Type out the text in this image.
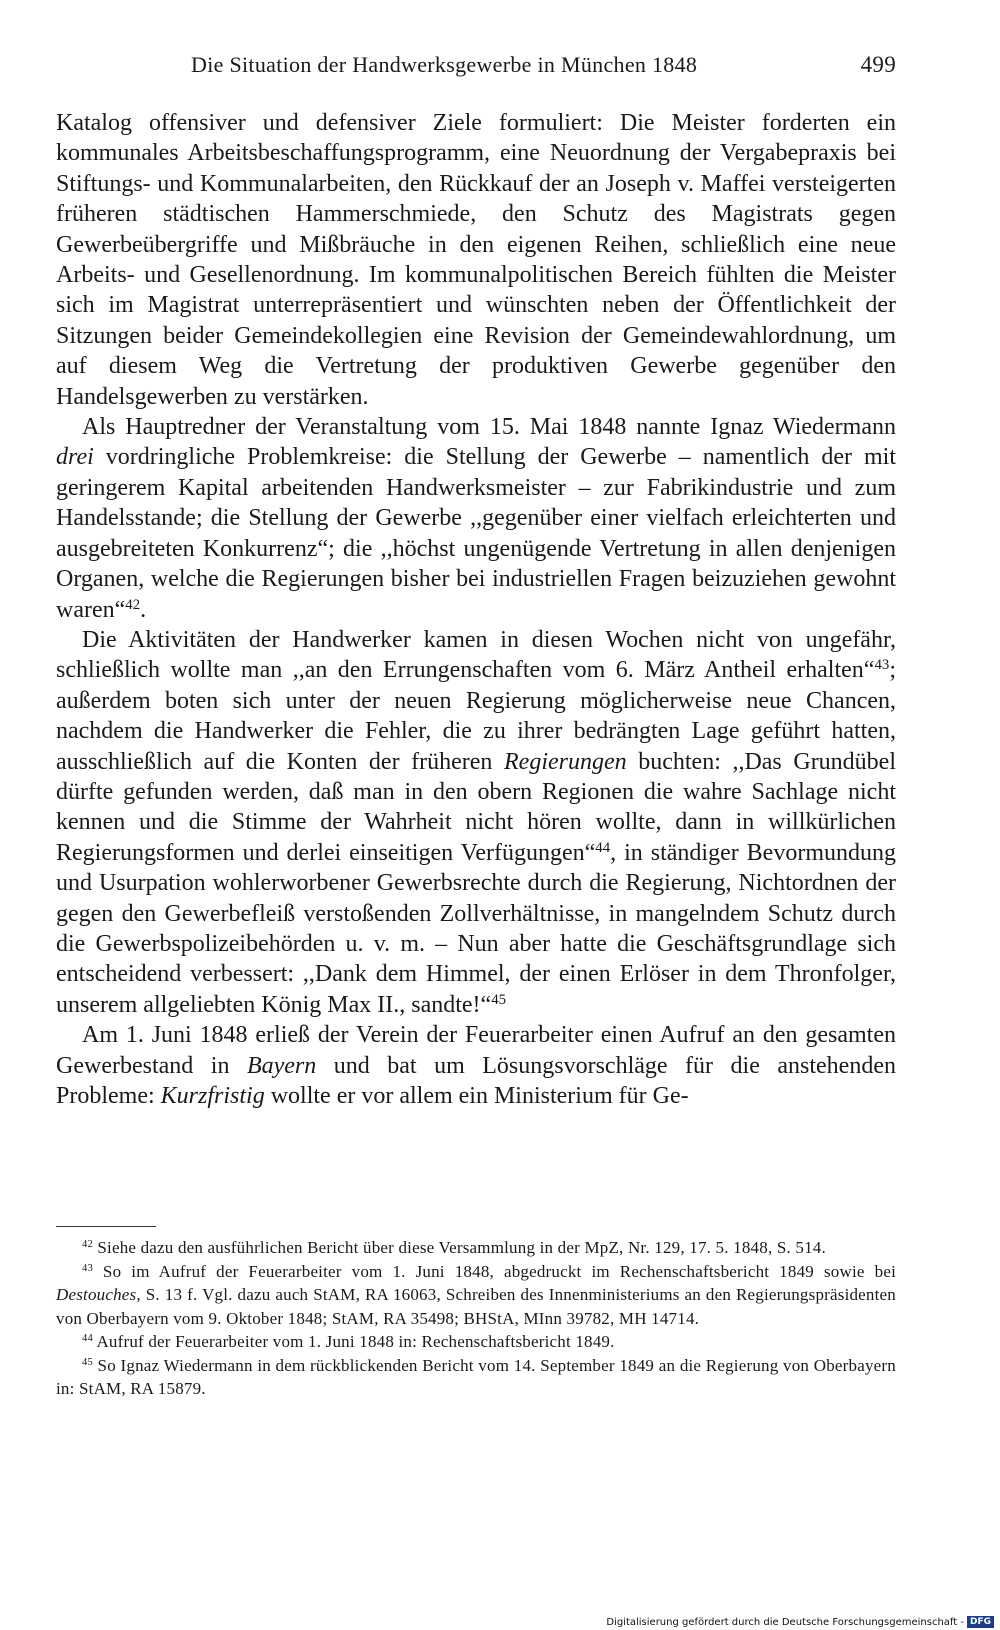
Die Situation der Handwerksgewerbe in München 1848	499

Katalog offensiver und defensiver Ziele formuliert: Die Meister forderten ein kommunales Arbeitsbeschaffungsprogramm, eine Neuordnung der Vergabepraxis bei Stiftungs- und Kommunalarbeiten, den Rückkauf der an Joseph v. Maffei versteigerten früheren städtischen Hammerschmiede, den Schutz des Magistrats gegen Gewerbeübergriffe und Mißbräuche in den eigenen Reihen, schließlich eine neue Arbeits- und Gesellenordnung. Im kommunalpolitischen Bereich fühlten die Meister sich im Magistrat unterrepräsentiert und wünschten neben der Öffentlichkeit der Sitzungen beider Gemeindekollegien eine Revision der Gemeindewahlordnung, um auf diesem Weg die Vertretung der produktiven Gewerbe gegenüber den Handelsgewerben zu verstärken.

Als Hauptredner der Veranstaltung vom 15. Mai 1848 nannte Ignaz Wiedermann drei vordringliche Problemkreise: die Stellung der Gewerbe – namentlich der mit geringerem Kapital arbeitenden Handwerksmeister – zur Fabrikindustrie und zum Handelsstande; die Stellung der Gewerbe ,,gegenüber einer vielfach erleichterten und ausgebreiteten Konkurrenz“; die ,,höchst ungenügende Vertretung in allen denjenigen Organen, welche die Regierungen bisher bei industriellen Fragen beizuziehen gewohnt waren“$^{42}$.

Die Aktivitäten der Handwerker kamen in diesen Wochen nicht von ungefähr, schließlich wollte man ,,an den Errungenschaften vom 6. März Antheil erhalten“$^{43}$; außerdem boten sich unter der neuen Regierung möglicherweise neue Chancen, nachdem die Handwerker die Fehler, die zu ihrer bedrängten Lage geführt hatten, ausschließlich auf die Konten der früheren Regierungen buchten: ,,Das Grundübel dürfte gefunden werden, daß man in den obern Regionen die wahre Sachlage nicht kennen und die Stimme der Wahrheit nicht hören wollte, dann in willkürlichen Regierungsformen und derlei einseitigen Verfügungen“$^{44}$, in ständiger Bevormundung und Usurpation wohlerworbener Gewerbsrechte durch die Regierung, Nichtordnen der gegen den Gewerbefleiß verstoßenden Zollverhältnisse, in mangelndem Schutz durch die Gewerbspolizeibehörden u. v. m. – Nun aber hatte die Geschäftsgrundlage sich entscheidend verbessert: ,,Dank dem Himmel, der einen Erlöser in dem Thronfolger, unserem allgeliebten König Max II., sandte!“$^{45}$

Am 1. Juni 1848 erließ der Verein der Feuerarbeiter einen Aufruf an den gesamten Gewerbestand in Bayern und bat um Lösungsvorschläge für die anstehenden Probleme: Kurzfristig wollte er vor allem ein Ministerium für Ge-

$^{42}$ Siehe dazu den ausführlichen Bericht über diese Versammlung in der MpZ, Nr. 129, 17. 5. 1848, S. 514.

$^{43}$ So im Aufruf der Feuerarbeiter vom 1. Juni 1848, abgedruckt im Rechenschaftsbericht 1849 sowie bei Destouches, S. 13 f. Vgl. dazu auch StAM, RA 16063, Schreiben des Innenministeriums an den Regierungspräsidenten von Oberbayern vom 9. Oktober 1848; StAM, RA 35498; BHStA, MInn 39782, MH 14714.

$^{44}$ Aufruf der Feuerarbeiter vom 1. Juni 1848 in: Rechenschaftsbericht 1849.

$^{45}$ So Ignaz Wiedermann in dem rückblickenden Bericht vom 14. September 1849 an die Regierung von Oberbayern in: StAM, RA 15879.

Digitalisierung gefördert durch die Deutsche Forschungsgemeinschaft - DFG
